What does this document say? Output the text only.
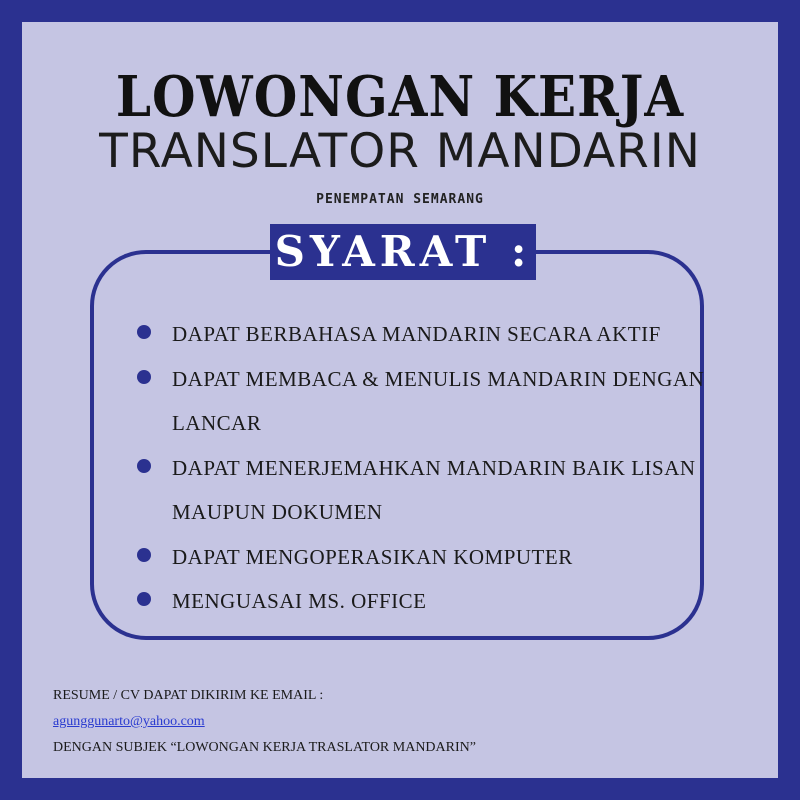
LOWONGAN KERJA
TRANSLATOR MANDARIN
PENEMPATAN SEMARANG
SYARAT :
DAPAT BERBAHASA MANDARIN SECARA AKTIF
DAPAT MEMBACA & MENULIS MANDARIN DENGAN LANCAR
DAPAT MENERJEMAHKAN MANDARIN BAIK LISAN MAUPUN DOKUMEN
DAPAT MENGOPERASIKAN KOMPUTER
MENGUASAI MS. OFFICE
RESUME / CV DAPAT DIKIRIM KE EMAIL :
agunggunarto@yahoo.com
DENGAN SUBJEK “LOWONGAN KERJA TRASLATOR MANDARIN”
